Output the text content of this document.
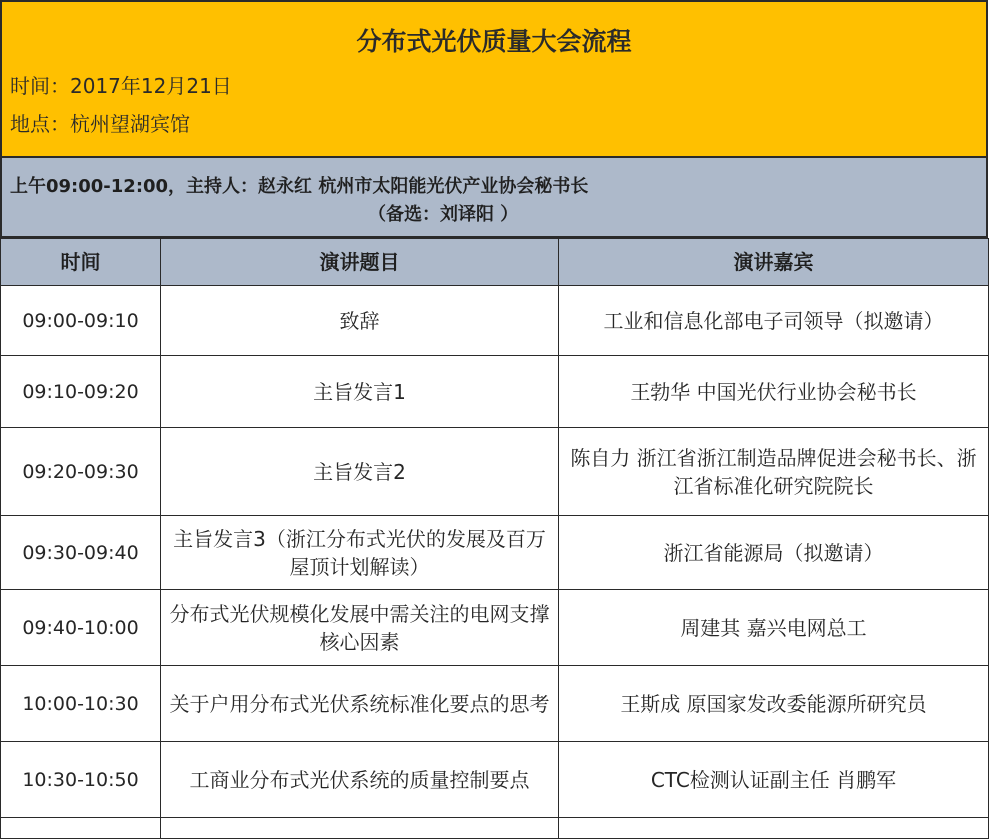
分布式光伏质量大会流程
时间：2017年12月21日
地点：杭州望湖宾馆
上午09:00-12:00，主持人：赵永红 杭州市太阳能光伏产业协会秘书长
（备选：刘译阳 ）
时间	演讲题目	演讲嘉宾
09:00-09:10	致辞	工业和信息化部电子司领导（拟邀请）
09:10-09:20	主旨发言1	王勃华 中国光伏行业协会秘书长
09:20-09:30	主旨发言2	陈自力 浙江省浙江制造品牌促进会秘书长、浙江省标准化研究院院长
09:30-09:40	主旨发言3（浙江分布式光伏的发展及百万屋顶计划解读）	浙江省能源局（拟邀请）
09:40-10:00	分布式光伏规模化发展中需关注的电网支撑核心因素	周建其 嘉兴电网总工
10:00-10:30	关于户用分布式光伏系统标准化要点的思考	王斯成 原国家发改委能源所研究员
10:30-10:50	工商业分布式光伏系统的质量控制要点	CTC检测认证副主任 肖鹏军
